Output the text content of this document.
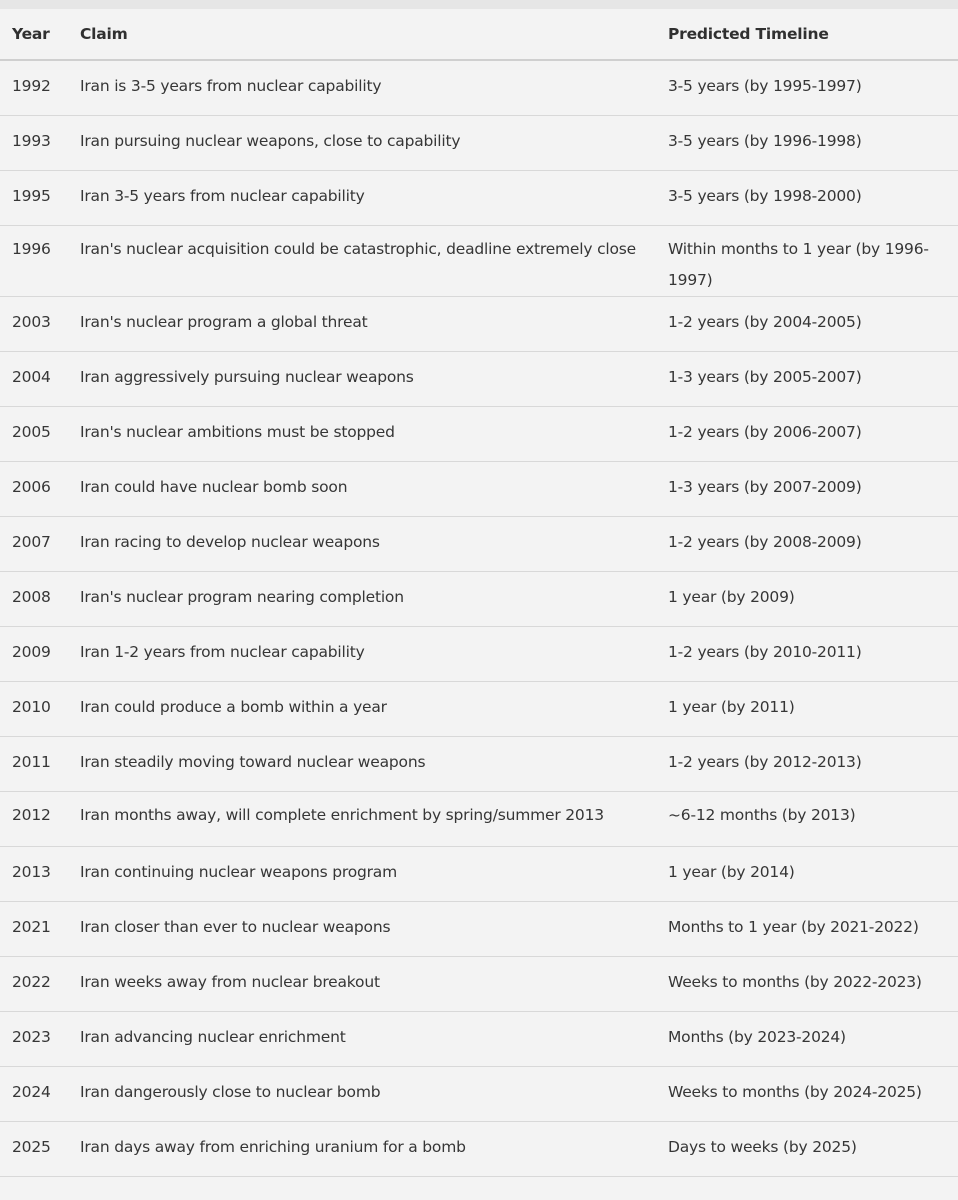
Year	Claim	Predicted Timeline

1992	Iran is 3-5 years from nuclear capability	3-5 years (by 1995-1997)

1993	Iran pursuing nuclear weapons, close to capability	3-5 years (by 1996-1998)

1995	Iran 3-5 years from nuclear capability	3-5 years (by 1998-2000)

1996	Iran's nuclear acquisition could be catastrophic, deadline extremely close	Within months to 1 year (by 1996-1997)

2003	Iran's nuclear program a global threat	1-2 years (by 2004-2005)

2004	Iran aggressively pursuing nuclear weapons	1-3 years (by 2005-2007)

2005	Iran's nuclear ambitions must be stopped	1-2 years (by 2006-2007)

2006	Iran could have nuclear bomb soon	1-3 years (by 2007-2009)

2007	Iran racing to develop nuclear weapons	1-2 years (by 2008-2009)

2008	Iran's nuclear program nearing completion	1 year (by 2009)

2009	Iran 1-2 years from nuclear capability	1-2 years (by 2010-2011)

2010	Iran could produce a bomb within a year	1 year (by 2011)

2011	Iran steadily moving toward nuclear weapons	1-2 years (by 2012-2013)

2012	Iran months away, will complete enrichment by spring/summer 2013	~6-12 months (by 2013)

2013	Iran continuing nuclear weapons program	1 year (by 2014)

2021	Iran closer than ever to nuclear weapons	Months to 1 year (by 2021-2022)

2022	Iran weeks away from nuclear breakout	Weeks to months (by 2022-2023)

2023	Iran advancing nuclear enrichment	Months (by 2023-2024)

2024	Iran dangerously close to nuclear bomb	Weeks to months (by 2024-2025)

2025	Iran days away from enriching uranium for a bomb	Days to weeks (by 2025)
